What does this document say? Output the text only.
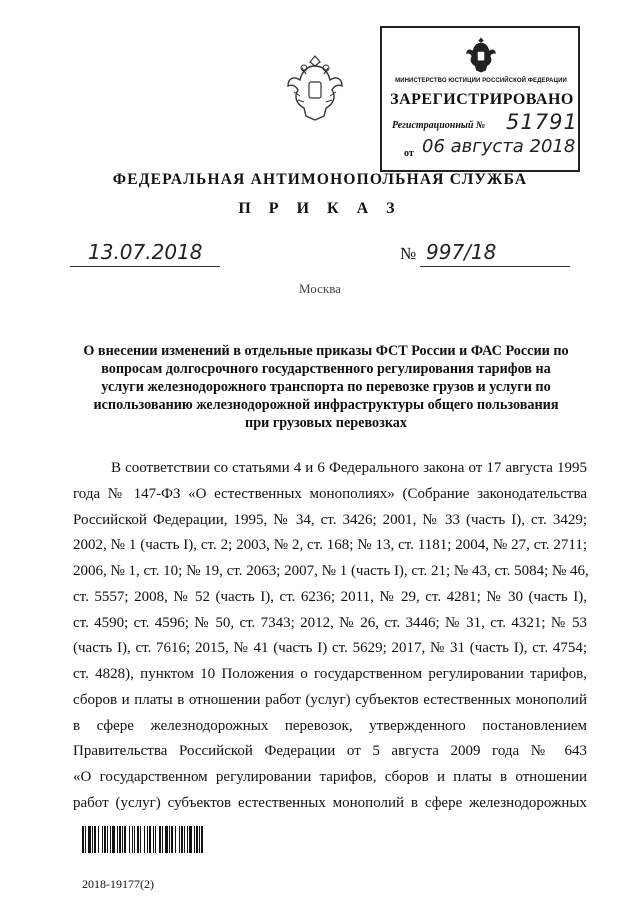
МИНИСТЕРСТВО ЮСТИЦИИ РОССИЙСКОЙ ФЕДЕРАЦИИ
ЗАРЕГИСТРИРОВАНО
Регистрационный № 51791
от 06 августа 2018
ФЕДЕРАЛЬНАЯ АНТИМОНОПОЛЬНАЯ СЛУЖБА
П Р И К А З
13.07.2018	№ 997/18
Москва

О внесении изменений в отдельные приказы ФСТ России и ФАС России по
вопросам долгосрочного государственного регулирования тарифов на
услуги железнодорожного транспорта по перевозке грузов и услуги по
использованию железнодорожной инфраструктуры общего пользования
при грузовых перевозках

В соответствии со статьями 4 и 6 Федерального закона от 17 августа 1995
года № 147-ФЗ «О естественных монополиях» (Собрание законодательства
Российской Федерации, 1995, № 34, ст. 3426; 2001, № 33 (часть I), ст. 3429;
2002, № 1 (часть I), ст. 2; 2003, № 2, ст. 168; № 13, ст. 1181; 2004, № 27, ст. 2711;
2006, № 1, ст. 10; № 19, ст. 2063; 2007, № 1 (часть I), ст. 21; № 43, ст. 5084; № 46,
ст. 5557; 2008, № 52 (часть I), ст. 6236; 2011, № 29, ст. 4281; № 30 (часть I),
ст. 4590; ст. 4596; № 50, ст. 7343; 2012, № 26, ст. 3446; № 31, ст. 4321; № 53
(часть I), ст. 7616; 2015, № 41 (часть I) ст. 5629; 2017, № 31 (часть I), ст. 4754;
ст. 4828), пунктом 10 Положения о государственном регулировании тарифов,
сборов и платы в отношении работ (услуг) субъектов естественных монополий
в сфере железнодорожных перевозок, утвержденного постановлением
Правительства Российской Федерации от 5 августа 2009 года № 643
«О государственном регулировании тарифов, сборов и платы в отношении
работ (услуг) субъектов естественных монополий в сфере железнодорожных
2018-19177(2)
